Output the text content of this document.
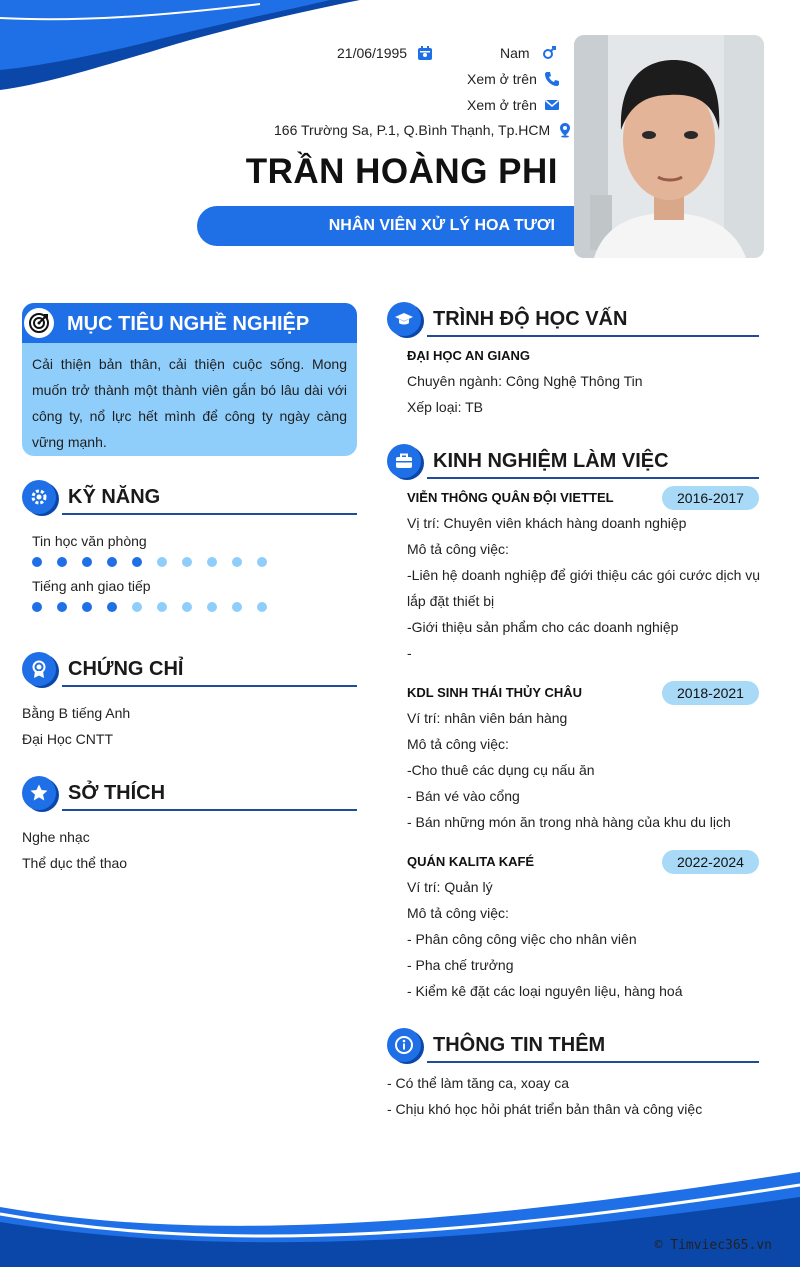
21/06/1995	Nam
Xem ở trên
Xem ở trên
166 Trường Sa, P.1, Q.Bình Thạnh, Tp.HCM
TRẦN HOÀNG PHI
NHÂN VIÊN XỬ LÝ HOA TƯƠI
MỤC TIÊU NGHỀ NGHIỆP
Cải thiện bản thân, cải thiện cuộc sống. Mong muốn trở thành một thành viên gắn bó lâu dài với công ty, nổ lực hết mình để công ty ngày càng vững mạnh.
KỸ NĂNG
Tin học văn phòng
Tiếng anh giao tiếp
CHỨNG CHỈ
Bằng B tiếng Anh
Đại Học CNTT
SỞ THÍCH
Nghe nhạc
Thể dục thể thao
TRÌNH ĐỘ HỌC VẤN
ĐẠI HỌC AN GIANG
Chuyên ngành: Công Nghệ Thông Tin
Xếp loại: TB
KINH NGHIỆM LÀM VIỆC
VIỄN THÔNG QUÂN ĐỘI VIETTEL	2016-2017
Vị trí: Chuyên viên khách hàng doanh nghiệp
Mô tả công việc:
-Liên hệ doanh nghiệp để giới thiệu các gói cước dịch vụ
lắp đặt thiết bị
-Giới thiệu sản phẩm cho các doanh nghiệp
-
KDL SINH THÁI THỦY CHÂU	2018-2021
Ví trí: nhân viên bán hàng
Mô tả công việc:
-Cho thuê các dụng cụ nấu ăn
- Bán vé vào cổng
- Bán những món ăn trong nhà hàng của khu du lịch
QUÁN KALITA KAFÉ	2022-2024
Ví trí: Quản lý
Mô tả công việc:
- Phân công công việc cho nhân viên
- Pha chế trưởng
- Kiểm kê đặt các loại nguyên liệu, hàng hoá
THÔNG TIN THÊM
- Có thể làm tăng ca, xoay ca
- Chịu khó học hỏi phát triển bản thân và công việc
© Timviec365.vn
